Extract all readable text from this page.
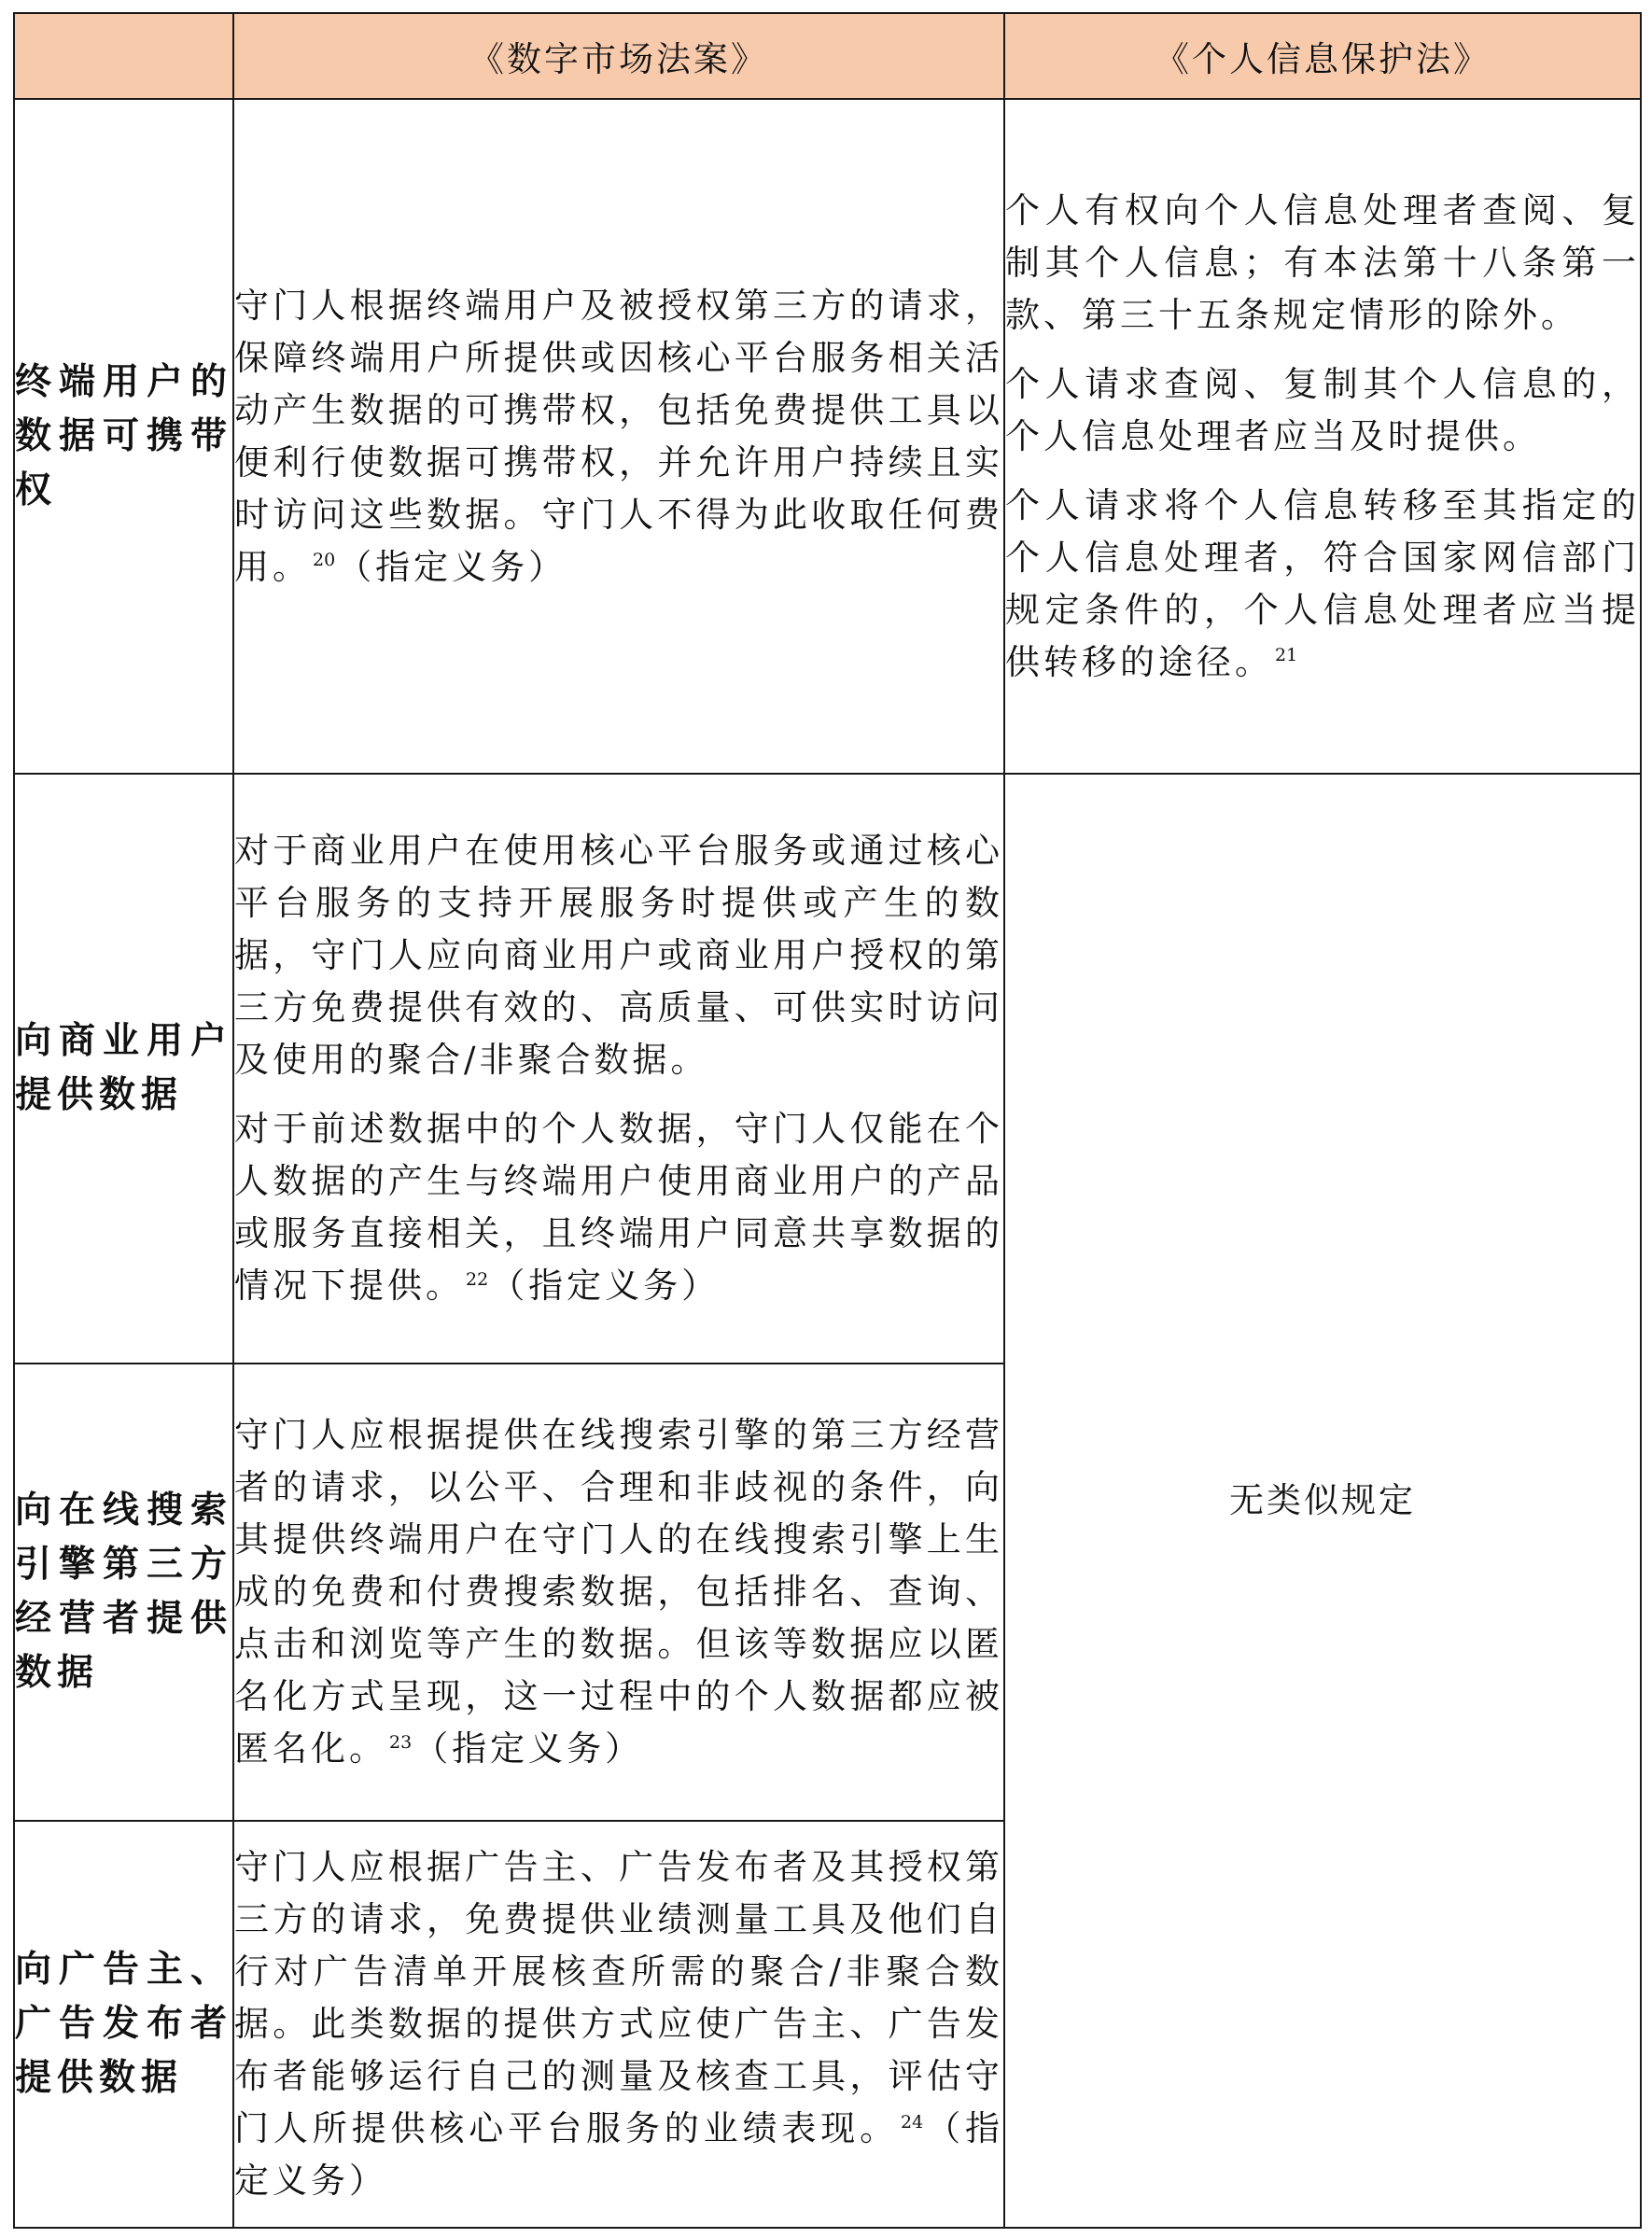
	《数字市场法案》	《个人信息保护法》
终端用户的数据可携带权	守门人根据终端用户及被授权第三方的请求，保障终端用户所提供或因核心平台服务相关活动产生数据的可携带权，包括免费提供工具以便利行使数据可携带权，并允许用户持续且实时访问这些数据。守门人不得为此收取任何费用。 $^{20}$（指定义务）	个人有权向个人信息处理者查阅、复制其个人信息；有本法第十八条第一款、第三十五条规定情形的除外。

个人请求查阅、复制其个人信息的，个人信息处理者应当及时提供。

个人请求将个人信息转移至其指定的个人信息处理者，符合国家网信部门规定条件的，个人信息处理者应当提供转移的途径。 $^{21}$

向商业用户提供数据	对于商业用户在使用核心平台服务或通过核心平台服务的支持开展服务时提供或产生的数据，守门人应向商业用户或商业用户授权的第三方免费提供有效的、高质量、可供实时访问及使用的聚合/非聚合数据。

对于前述数据中的个人数据，守门人仅能在个人数据的产生与终端用户使用商业用户的产品或服务直接相关，且终端用户同意共享数据的情况下提供。 $^{22}$（指定义务）	无类似规定
向在线搜索引擎第三方经营者提供数据	守门人应根据提供在线搜索引擎的第三方经营者的请求，以公平、合理和非歧视的条件，向其提供终端用户在守门人的在线搜索引擎上生成的免费和付费搜索数据，包括排名、查询、点击和浏览等产生的数据。但该等数据应以匿名化方式呈现，这一过程中的个人数据都应被匿名化。 $^{23}$（指定义务）	

向广告主、广告发布者提供数据	守门人应根据广告主、广告发布者及其授权第三方的请求，免费提供业绩测量工具及他们自行对广告清单开展核查所需的聚合/非聚合数据。此类数据的提供方式应使广告主、广告发布者能够运行自己的测量及核查工具，评估守门人所提供核心平台服务的业绩表现。 $^{24}$（指定义务）	
